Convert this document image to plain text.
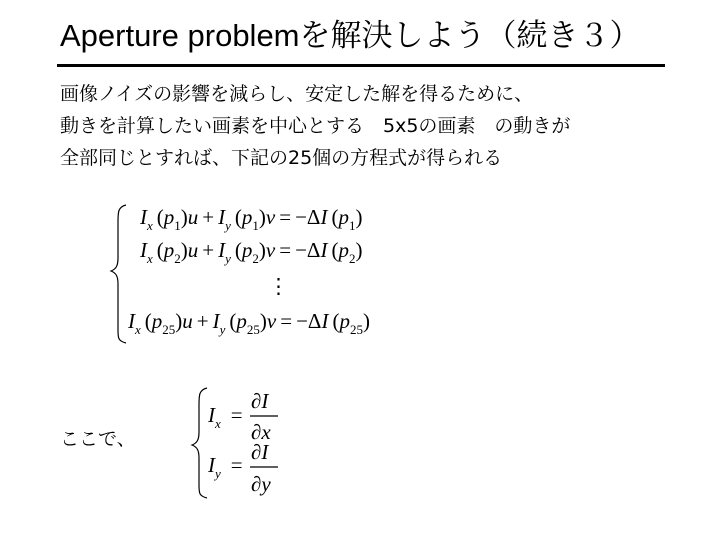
Aperture problemを解決しよう（続き３）
画像ノイズの影響を減らし、安定した解を得るために、
動きを計算したい画素を中心とする　5x5の画素　の動きが
全部同じとすれば、下記の25個の方程式が得られる
$I_x$ $(p_1)u + I_y$ $(p_1)v = -\Delta I$ $(p_1)$
$I_x$ $(p_2)u + I_y$ $(p_2)v = -\Delta I$ $(p_2)$
⋮
$I_x$ $(p_{25})u + I_y$ $(p_{25})v = -\Delta I$ $(p_{25})$
$I_x$ =
∂I
∂x
$I_y$ =
∂I
∂y
ここで、
